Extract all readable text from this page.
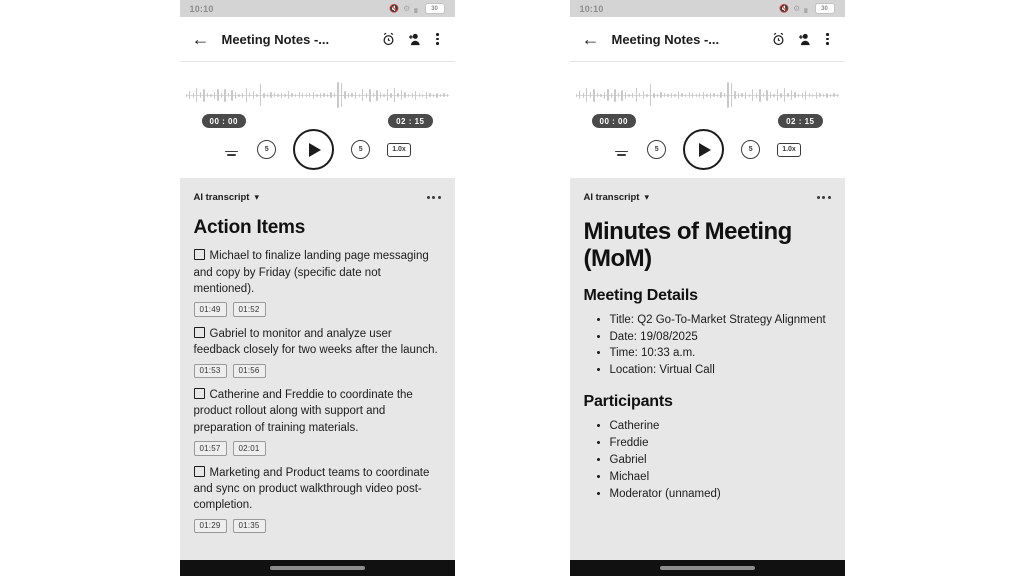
10:10	🔇 ⚙ ▖ 30
← Meeting Notes -...
00 : 00	02 : 15
5	5	1.0x
AI transcript ▾
Action Items
Michael to finalize landing page messaging and copy by Friday (specific date not mentioned).
01:49	01:52
Gabriel to monitor and analyze user feedback closely for two weeks after the launch.
01:53	01:56
Catherine and Freddie to coordinate the product rollout along with support and preparation of training materials.
01:57	02:01
Marketing and Product teams to coordinate and sync on product walkthrough video post-completion.
01:29	01:35
10:10	🔇 ⚙ ▖ 30
← Meeting Notes -...
00 : 00	02 : 15
5	5	1.0x
AI transcript ▾
Minutes of Meeting (MoM)
Meeting Details
• Title: Q2 Go-To-Market Strategy Alignment
• Date: 19/08/2025
• Time: 10:33 a.m.
• Location: Virtual Call
Participants
• Catherine
• Freddie
• Gabriel
• Michael
• Moderator (unnamed)
